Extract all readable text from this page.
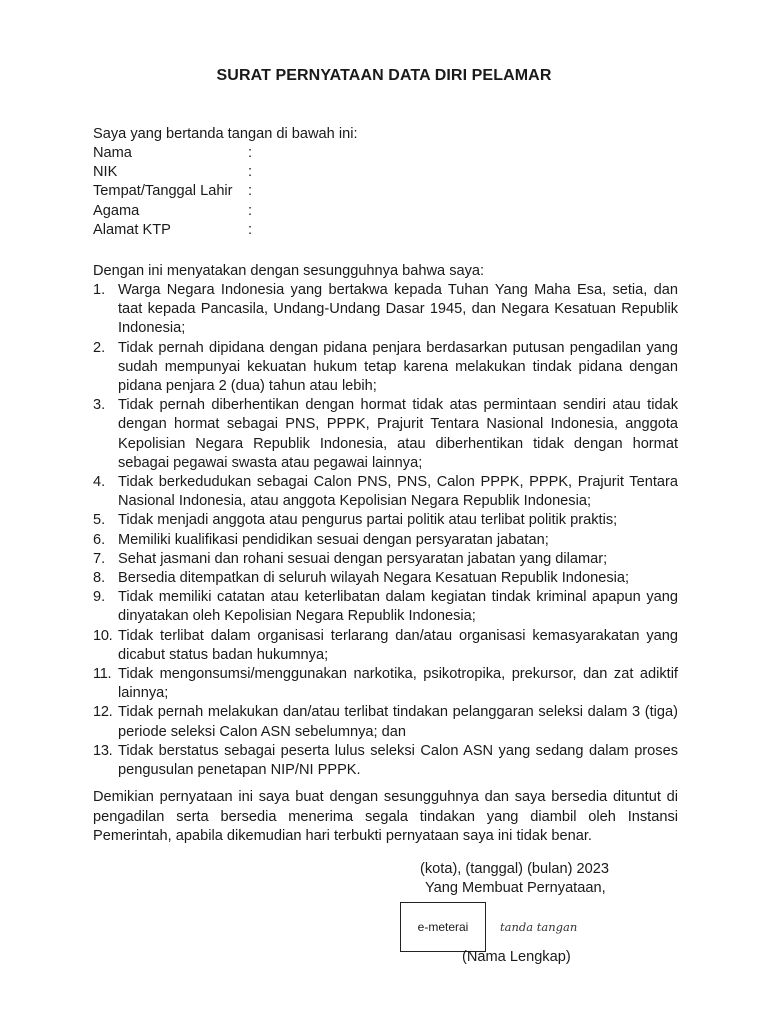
SURAT PERNYATAAN DATA DIRI PELAMAR
Saya yang bertanda tangan di bawah ini:
Nama	:
NIK	:
Tempat/Tanggal Lahir	:
Agama	:
Alamat KTP	:
Dengan ini menyatakan dengan sesungguhnya bahwa saya:
1. Warga Negara Indonesia yang bertakwa kepada Tuhan Yang Maha Esa, setia, dan taat kepada Pancasila, Undang-Undang Dasar 1945, dan Negara Kesatuan Republik Indonesia;
2. Tidak pernah dipidana dengan pidana penjara berdasarkan putusan pengadilan yang sudah mempunyai kekuatan hukum tetap karena melakukan tindak pidana dengan pidana penjara 2 (dua) tahun atau lebih;
3. Tidak pernah diberhentikan dengan hormat tidak atas permintaan sendiri atau tidak dengan hormat sebagai PNS, PPPK, Prajurit Tentara Nasional Indonesia, anggota Kepolisian Negara Republik Indonesia, atau diberhentikan tidak dengan hormat sebagai pegawai swasta atau pegawai lainnya;
4. Tidak berkedudukan sebagai Calon PNS, PNS, Calon PPPK, PPPK, Prajurit Tentara Nasional Indonesia, atau anggota Kepolisian Negara Republik Indonesia;
5. Tidak menjadi anggota atau pengurus partai politik atau terlibat politik praktis;
6. Memiliki kualifikasi pendidikan sesuai dengan persyaratan jabatan;
7. Sehat jasmani dan rohani sesuai dengan persyaratan jabatan yang dilamar;
8. Bersedia ditempatkan di seluruh wilayah Negara Kesatuan Republik Indonesia;
9. Tidak memiliki catatan atau keterlibatan dalam kegiatan tindak kriminal apapun yang dinyatakan oleh Kepolisian Negara Republik Indonesia;
10. Tidak terlibat dalam organisasi terlarang dan/atau organisasi kemasyarakatan yang dicabut status badan hukumnya;
11. Tidak mengonsumsi/menggunakan narkotika, psikotropika, prekursor, dan zat adiktif lainnya;
12. Tidak pernah melakukan dan/atau terlibat tindakan pelanggaran seleksi dalam 3 (tiga) periode seleksi Calon ASN sebelumnya; dan
13. Tidak berstatus sebagai peserta lulus seleksi Calon ASN yang sedang dalam proses pengusulan penetapan NIP/NI PPPK.
Demikian pernyataan ini saya buat dengan sesungguhnya dan saya bersedia dituntut di pengadilan serta bersedia menerima segala tindakan yang diambil oleh Instansi Pemerintah, apabila dikemudian hari terbukti pernyataan saya ini tidak benar.
(kota), (tanggal) (bulan) 2023
Yang Membuat Pernyataan,
e-meterai	tanda tangan
(Nama Lengkap)
